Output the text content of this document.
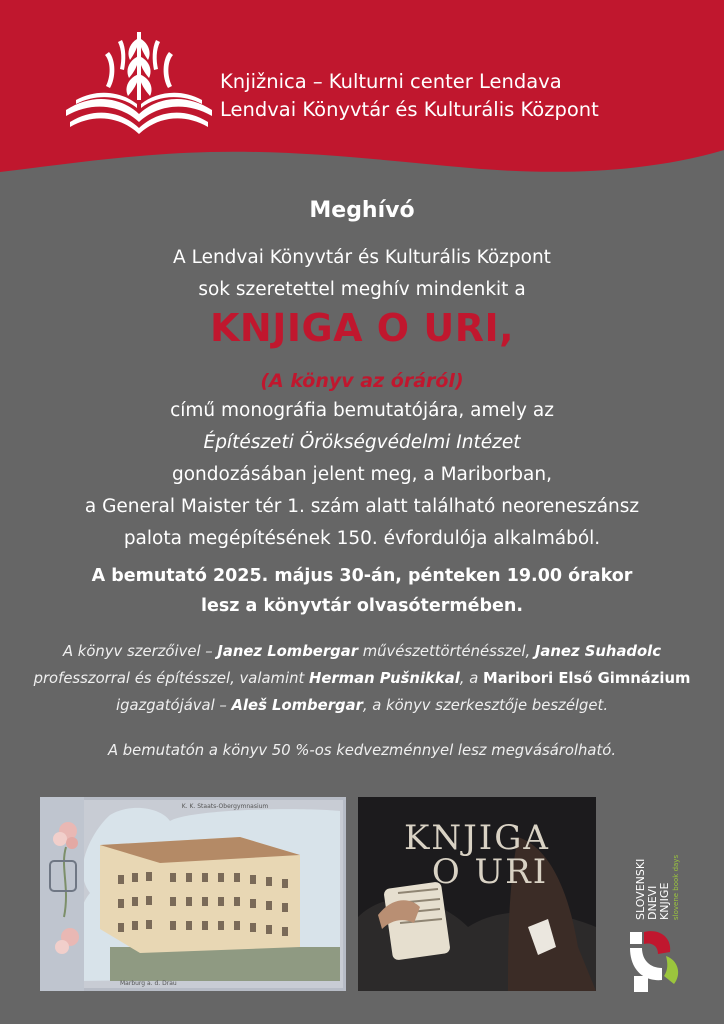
Knjižnica – Kulturni center Lendava
Lendvai Könyvtár és Kulturális Központ
Meghívó
A Lendvai Könyvtár és Kulturális Központ
sok szeretettel meghív mindenkit a
KNJIGA O URI,
(A könyv az óráról)
című monográfia bemutatójára, amely az
Építészeti Örökségvédelmi Intézet
gondozásában jelent meg, a Mariborban,
a General Maister tér 1. szám alatt található neoreneszánsz
palota megépítésének 150. évfordulója alkalmából.
A bemutató 2025. május 30-án, pénteken 19.00 órakor
lesz a könyvtár olvasótermében.
A könyv szerzőivel – Janez Lombergar művészettörténésszel, Janez Suhadolc
professzorral és építésszel, valamint Herman Pušnikkal, a Maribori Első Gimnázium
igazgatójával – Aleš Lombergar, a könyv szerkesztője beszélget.
A bemutatón a könyv 50 %-os kedvezménnyel lesz megvásárolható.
K. K. Staats-Obergymnasium
Marburg a. d. Drau
KNJIGA
O URI	SLOVENSKI DNEVI KNJIGE slovene book days
